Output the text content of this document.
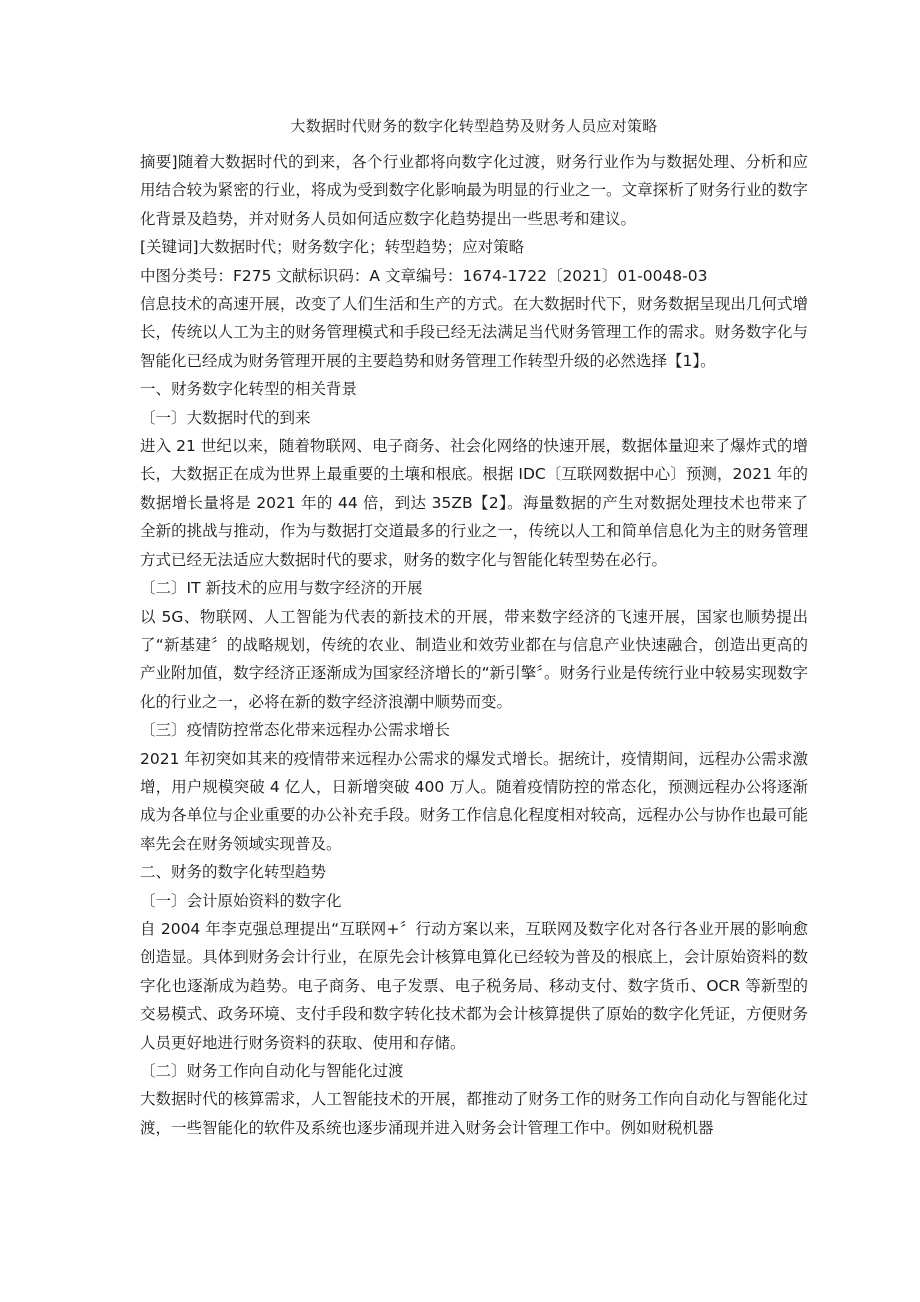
大数据时代财务的数字化转型趋势及财务人员应对策略

摘要]随着大数据时代的到来，各个行业都将向数字化过渡，财务行业作为与数据处理、分析和应用结合较为紧密的行业，将成为受到数字化影响最为明显的行业之一。文章探析了财务行业的数字化背景及趋势，并对财务人员如何适应数字化趋势提出一些思考和建议。

[关键词]大数据时代；财务数字化；转型趋势；应对策略

中图分类号：F275 文献标识码：A 文章编号：1674-1722〔2021〕01-0048-03

信息技术的高速开展，改变了人们生活和生产的方式。在大数据时代下，财务数据呈现出几何式增长，传统以人工为主的财务管理模式和手段已经无法满足当代财务管理工作的需求。财务数字化与智能化已经成为财务管理开展的主要趋势和财务管理工作转型升级的必然选择【1】。

一、财务数字化转型的相关背景

〔一〕大数据时代的到来

进入 21 世纪以来，随着物联网、电子商务、社会化网络的快速开展，数据体量迎来了爆炸式的增长，大数据正在成为世界上最重要的土壤和根底。根据 IDC〔互联网数据中心〕预测，2021 年的数据增长量将是 2021 年的 44 倍，到达 35ZB【2】。海量数据的产生对数据处理技术也带来了全新的挑战与推动，作为与数据打交道最多的行业之一，传统以人工和简单信息化为主的财务管理方式已经无法适应大数据时代的要求，财务的数字化与智能化转型势在必行。

〔二〕IT 新技术的应用与数字经济的开展

以 5G、物联网、人工智能为代表的新技术的开展，带来数字经济的飞速开展，国家也顺势提出了“新基建〞的战略规划，传统的农业、制造业和效劳业都在与信息产业快速融合，创造出更高的产业附加值，数字经济正逐渐成为国家经济增长的“新引擎〞。财务行业是传统行业中较易实现数字化的行业之一，必将在新的数字经济浪潮中顺势而变。

〔三〕疫情防控常态化带来远程办公需求增长

2021 年初突如其来的疫情带来远程办公需求的爆发式增长。据统计，疫情期间，远程办公需求激增，用户规模突破 4 亿人，日新增突破 400 万人。随着疫情防控的常态化，预测远程办公将逐渐成为各单位与企业重要的办公补充手段。财务工作信息化程度相对较高，远程办公与协作也最可能率先会在财务领域实现普及。

二、财务的数字化转型趋势

〔一〕会计原始资料的数字化

自 2004 年李克强总理提出“互联网+〞行动方案以来，互联网及数字化对各行各业开展的影响愈创造显。具体到财务会计行业，在原先会计核算电算化已经较为普及的根底上，会计原始资料的数字化也逐渐成为趋势。电子商务、电子发票、电子税务局、移动支付、数字货币、OCR 等新型的交易模式、政务环境、支付手段和数字转化技术都为会计核算提供了原始的数字化凭证，方便财务人员更好地进行财务资料的获取、使用和存储。

〔二〕财务工作向自动化与智能化过渡

大数据时代的核算需求，人工智能技术的开展，都推动了财务工作的财务工作向自动化与智能化过渡，一些智能化的软件及系统也逐步涌现并进入财务会计管理工作中。例如财税机器
